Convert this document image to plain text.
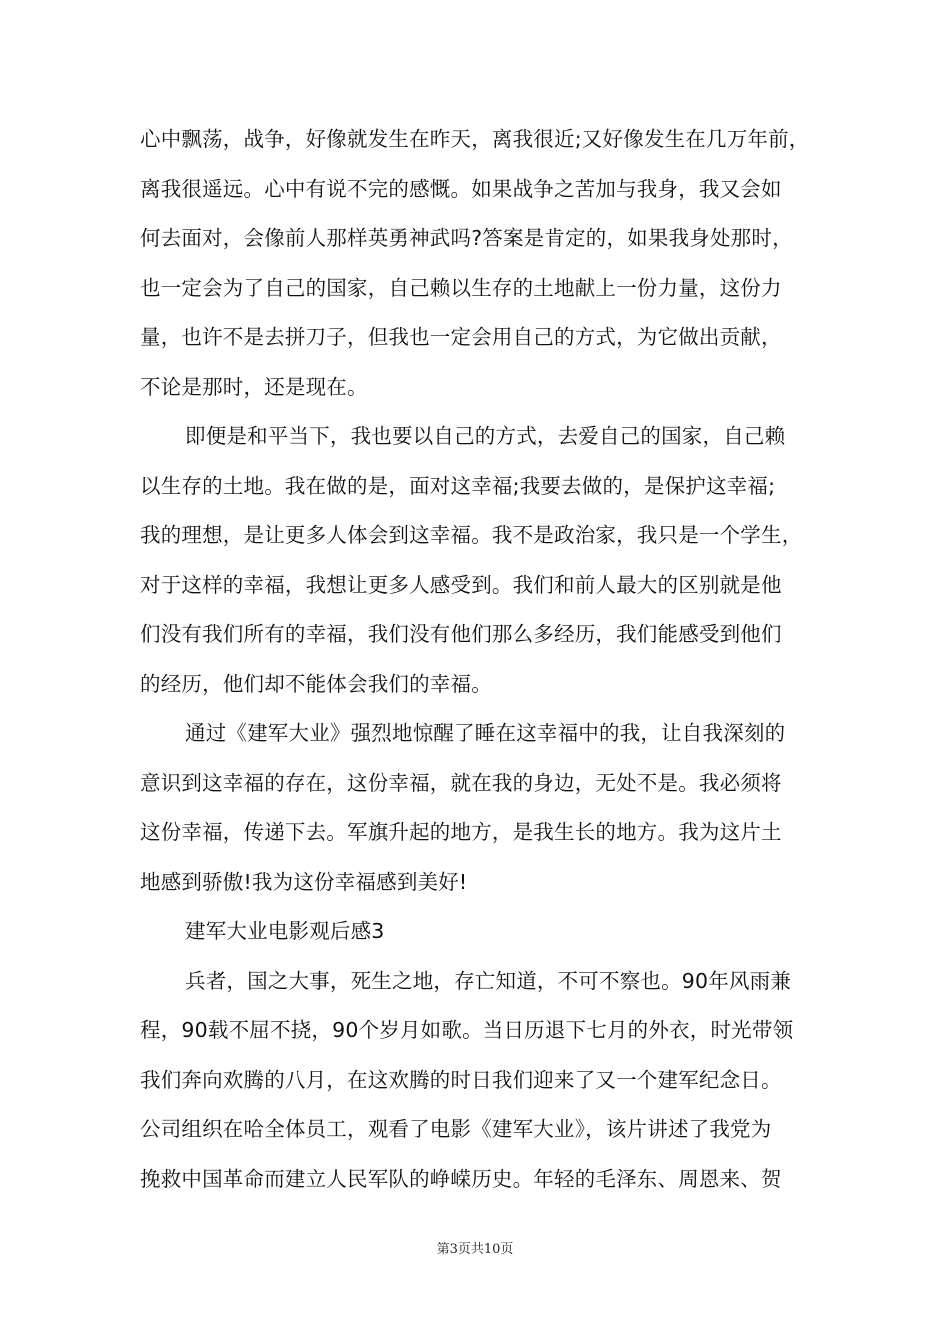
心中飘荡，战争，好像就发生在昨天，离我很近;又好像发生在几万年前，
离我很遥远。心中有说不完的感慨。如果战争之苦加与我身，我又会如
何去面对，会像前人那样英勇神武吗?答案是肯定的，如果我身处那时，
也一定会为了自己的国家，自己赖以生存的土地献上一份力量，这份力
量，也许不是去拼刀子，但我也一定会用自己的方式，为它做出贡献，
不论是那时，还是现在。
即便是和平当下，我也要以自己的方式，去爱自己的国家，自己赖
以生存的土地。我在做的是，面对这幸福;我要去做的，是保护这幸福;
我的理想，是让更多人体会到这幸福。我不是政治家，我只是一个学生，
对于这样的幸福，我想让更多人感受到。我们和前人最大的区别就是他
们没有我们所有的幸福，我们没有他们那么多经历，我们能感受到他们
的经历，他们却不能体会我们的幸福。
通过《建军大业》强烈地惊醒了睡在这幸福中的我，让自我深刻的
意识到这幸福的存在，这份幸福，就在我的身边，无处不是。我必须将
这份幸福，传递下去。军旗升起的地方，是我生长的地方。我为这片土
地感到骄傲!我为这份幸福感到美好!
建军大业电影观后感3
兵者，国之大事，死生之地，存亡知道，不可不察也。90年风雨兼
程，90载不屈不挠，90个岁月如歌。当日历退下七月的外衣，时光带领
我们奔向欢腾的八月，在这欢腾的时日我们迎来了又一个建军纪念日。
公司组织在哈全体员工，观看了电影《建军大业》，该片讲述了我党为
挽救中国革命而建立人民军队的峥嵘历史。年轻的毛泽东、周恩来、贺
第3页共10页
